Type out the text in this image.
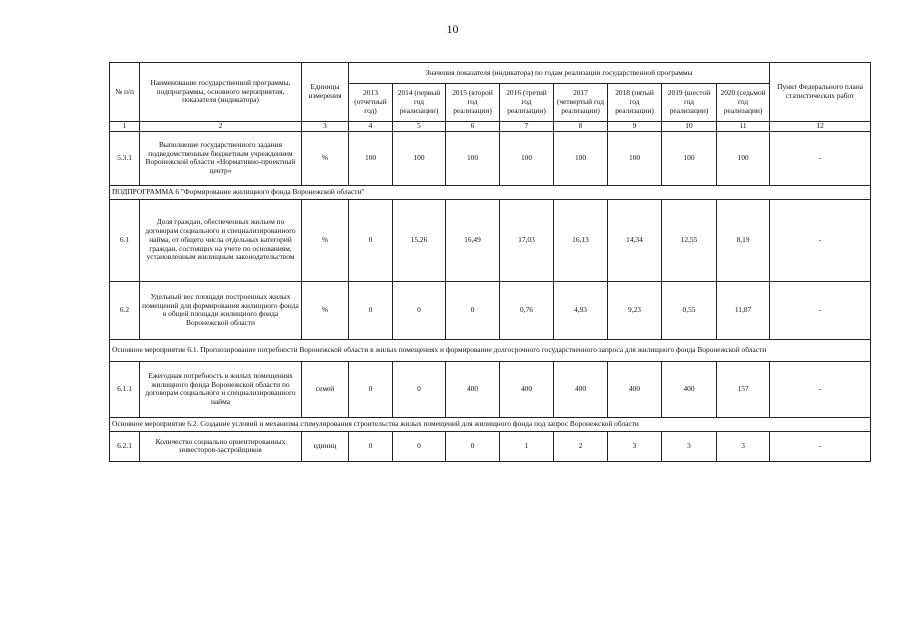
10
№ п/п	Наименование государственной программы, подпрограммы, основного мероприятия, показателя (индикатора)	Единицы измерения	Значения показателя (индикатора) по годам реализации государственной программы								Пункт Федерального плана статистических работ
			2013 (отчетный год)	2014 (первый год реализации)	2015 (второй год реализации)	2016 (третий год реализации)	2017 (четвертый год реализации)	2018 (пятый год реализации)	2019 (шестой год реализации)	2020 (седьмой год реализации)	
1	2	3	4	5	6	7	8	9	10	11	12
5.3.1	Выполнение государственного задания подведомственным бюджетным учреждением Воронежской области «Нормативно-проектный центр»	%	100	100	100	100	100	100	100	100	-
ПОДПРОГРАММА 6 "Формирование жилищного фонда Воронежской области"											
6.1	Доля граждан, обеспеченных жильем по договорам социального и специализированного найма, от общего числа отдельных категорий граждан, состоящих на учете по основаниям, установленным жилищным законодательством	%	0	15,26	16,49	17,03	16,13	14,34	12,55	8,19	-
6.2	Удельный вес площади построенных жилых помещений для формирования жилищного фонда в общей площади жилищного фонда Воронежской области	%	0	0	0	0,76	4,93	9,23	0,55	11,87	-
Основное мероприятие 6.1. Прогнозирование потребности Воронежской области в жилых помещениях и формирование долгосрочного государственного запроса для жилищного фонда Воронежской области											
6.1.1	Ежегодная потребность в жилых помещениях жилищного фонда Воронежской области по договорам социального и специализированного найма	семей	0	0	400	400	400	400	400	157	-
Основное мероприятие 6.2. Создание условий и механизма стимулирования строительства жилых помещений для жилищного фонда под запрос Воронежской области											
6.2.1	Количество социально ориентированных инвесторов-застройщиков	единиц	0	0	0	1	2	3	3	3	-
